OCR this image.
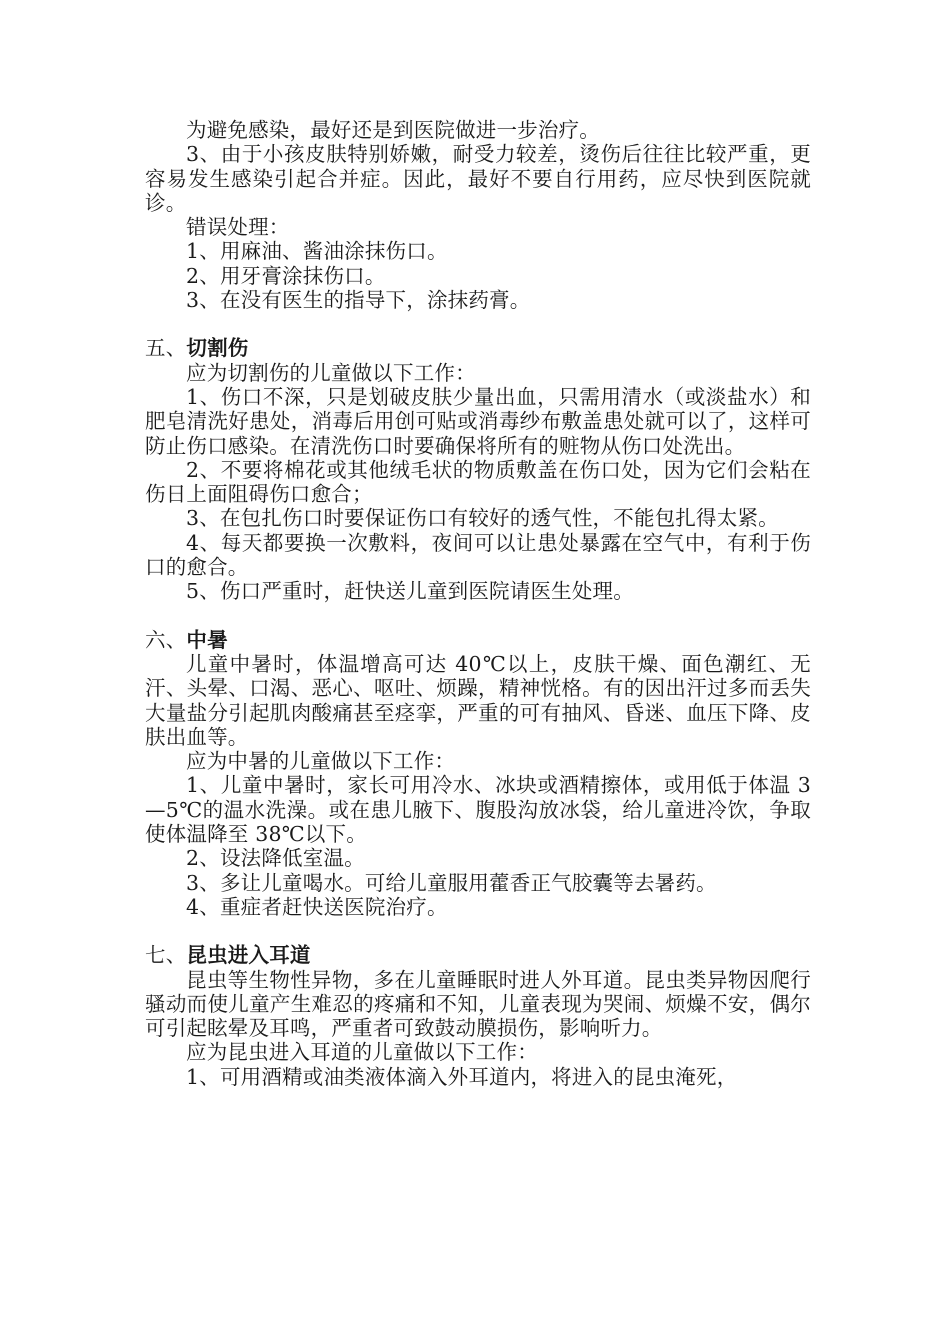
为避免感染，最好还是到医院做进一步治疗。

3、由于小孩皮肤特别娇嫩，耐受力较差，烫伤后往往比较严重，更容易发生感染引起合并症。因此，最好不要自行用药，应尽快到医院就诊。

错误处理：

1、用麻油、酱油涂抹伤口。

2、用牙膏涂抹伤口。

3、在没有医生的指导下，涂抹药膏。

五、切割伤

应为切割伤的儿童做以下工作：

1、伤口不深，只是划破皮肤少量出血，只需用清水（或淡盐水）和肥皂清洗好患处，消毒后用创可贴或消毒纱布敷盖患处就可以了，这样可防止伤口感染。在清洗伤口时要确保将所有的赃物从伤口处洗出。

2、不要将棉花或其他绒毛状的物质敷盖在伤口处，因为它们会粘在伤日上面阻碍伤口愈合；

3、在包扎伤口时要保证伤口有较好的透气性，不能包扎得太紧。

4、每天都要换一次敷料，夜间可以让患处暴露在空气中，有利于伤口的愈合。

5、伤口严重时，赶快送儿童到医院请医生处理。

六、中暑

儿童中暑时，体温增高可达 40℃以上，皮肤干燥、面色潮红、无汗、头晕、口渴、恶心、呕吐、烦躁，精神恍格。有的因出汗过多而丢失大量盐分引起肌肉酸痛甚至痉挛，严重的可有抽风、昏迷、血压下降、皮肤出血等。

应为中暑的儿童做以下工作：

1、儿童中暑时，家长可用冷水、冰块或酒精擦体，或用低于体温 3—5℃的温水洗澡。或在患儿腋下、腹股沟放冰袋，给儿童进冷饮，争取使体温降至 38℃以下。

2、设法降低室温。

3、多让儿童喝水。可给儿童服用藿香正气胶囊等去暑药。

4、重症者赶快送医院治疗。

七、昆虫进入耳道

昆虫等生物性异物，多在儿童睡眠时进人外耳道。昆虫类异物因爬行骚动而使儿童产生难忍的疼痛和不知，儿童表现为哭闹、烦燥不安，偶尔可引起眩晕及耳鸣，严重者可致鼓动膜损伤，影响听力。

应为昆虫进入耳道的儿童做以下工作：

1、可用酒精或油类液体滴入外耳道内，将进入的昆虫淹死，
